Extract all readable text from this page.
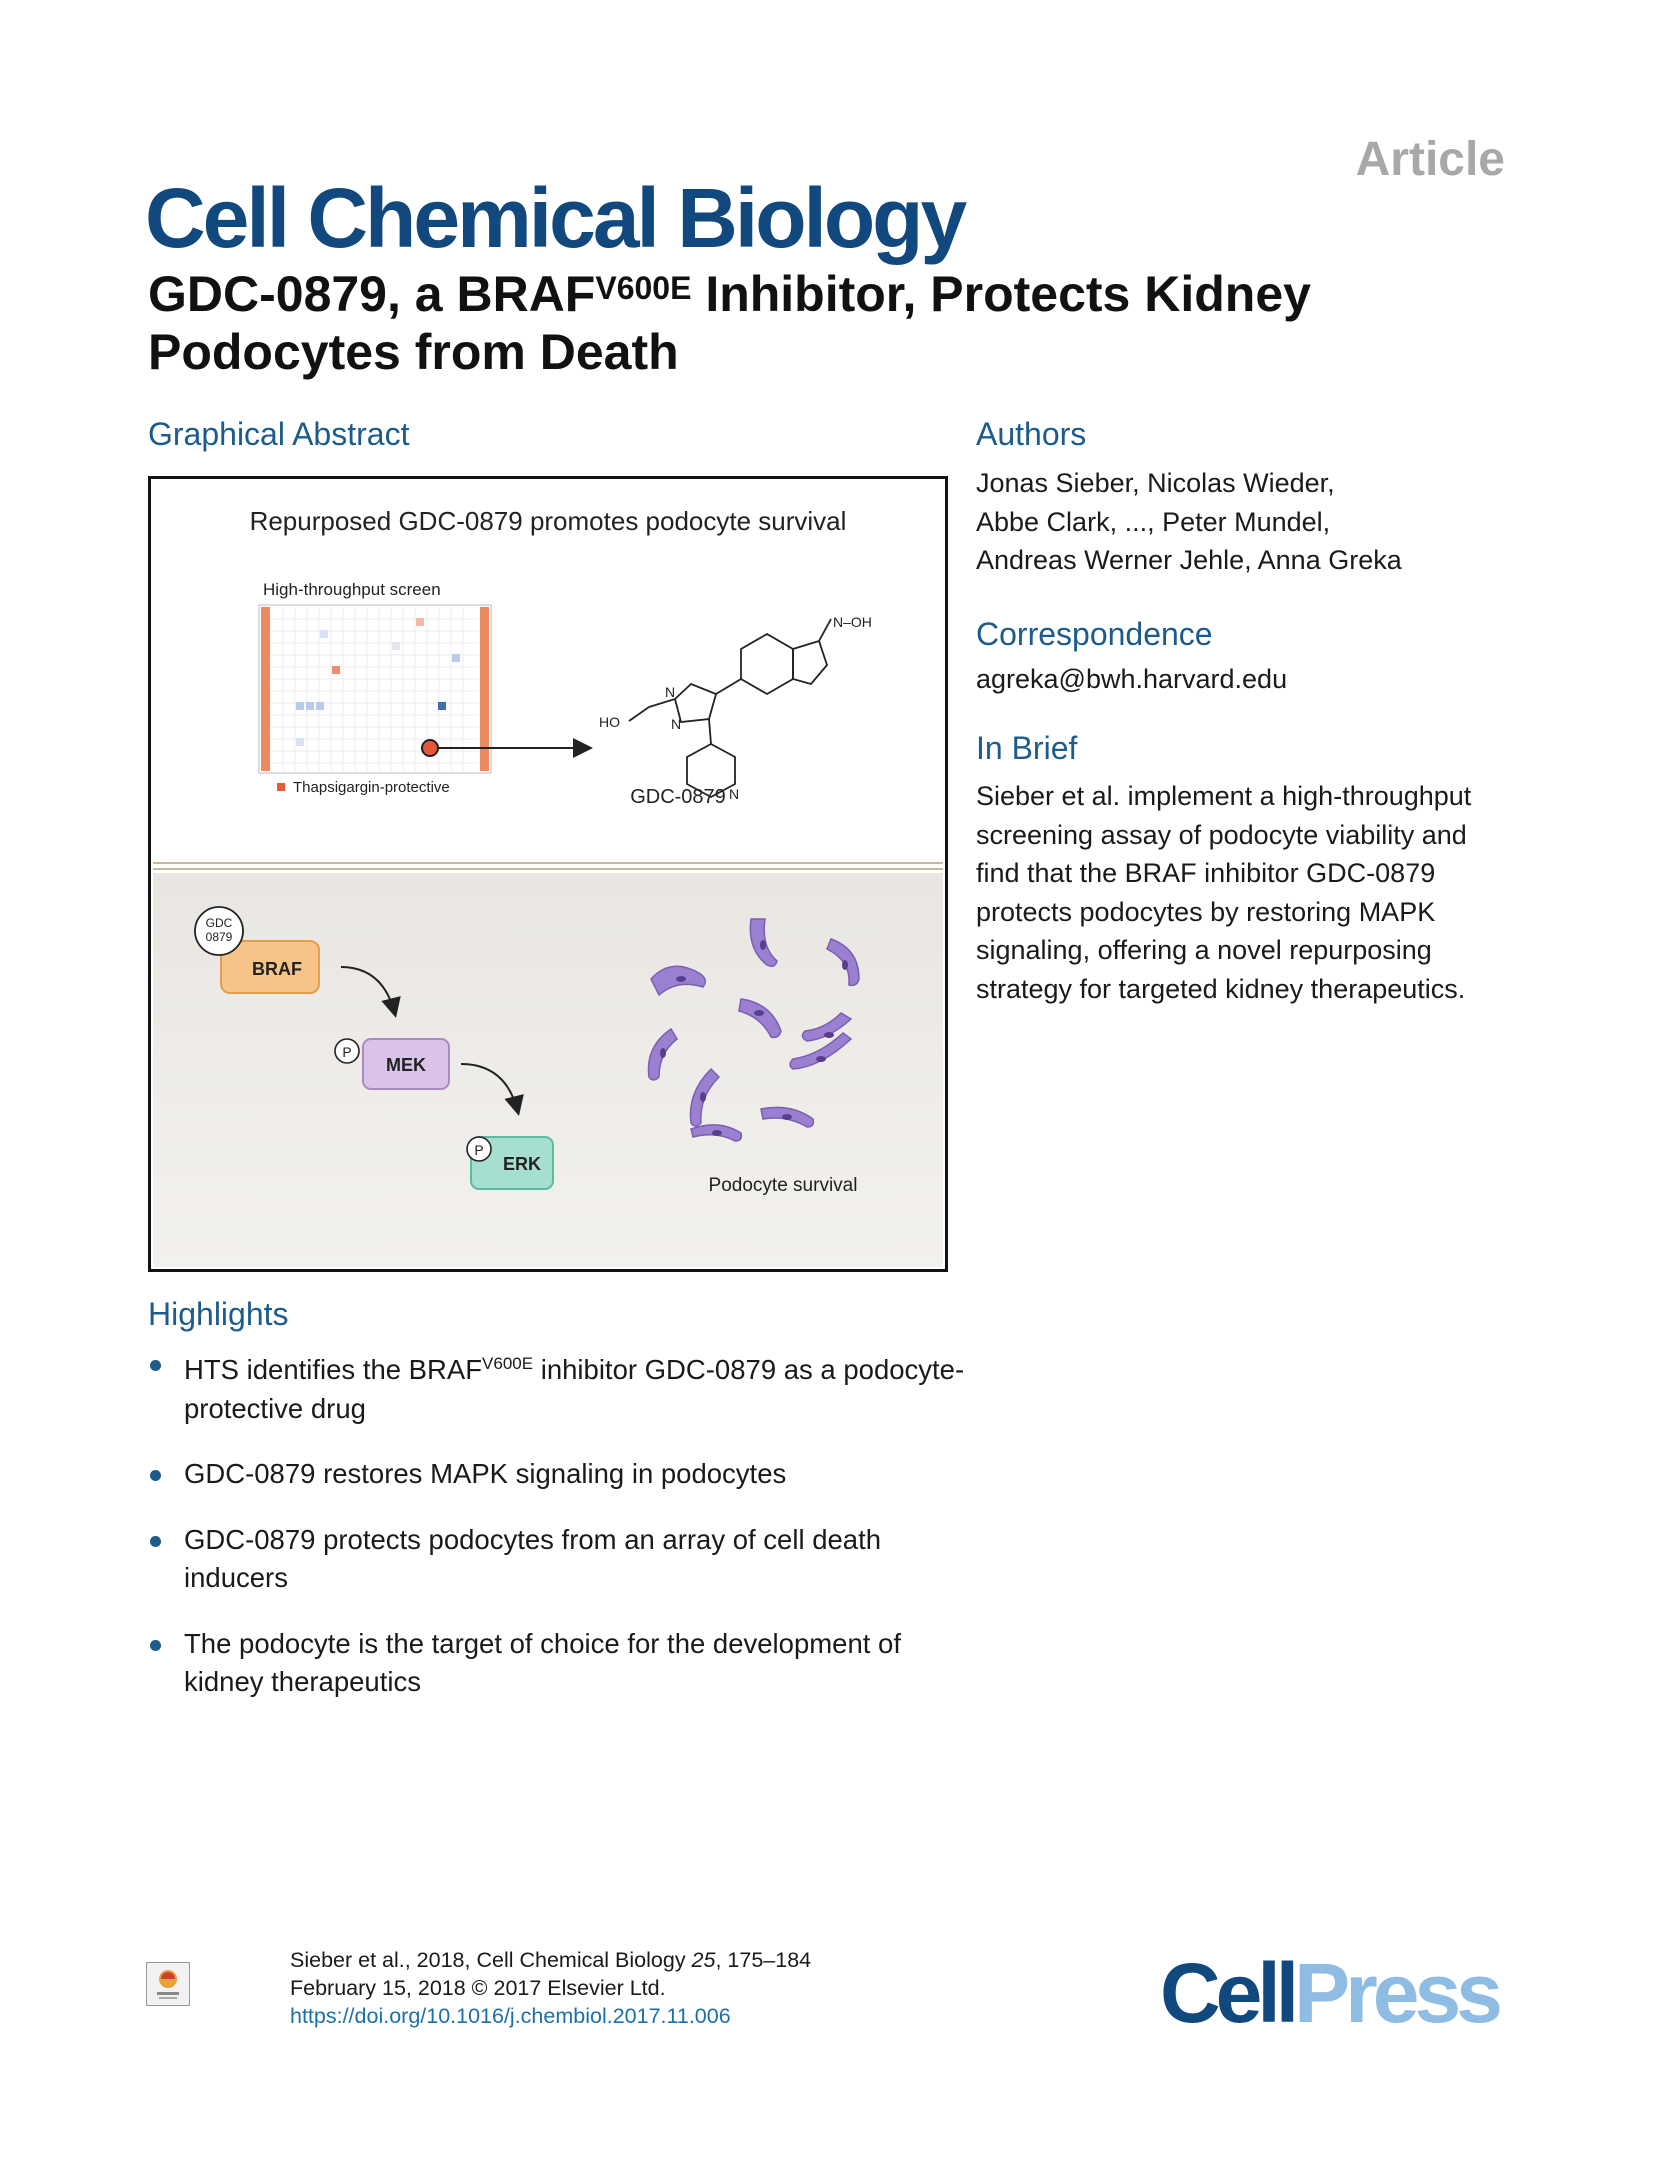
Article
Cell Chemical Biology
GDC-0879, a $BRAF^{V600E}$ Inhibitor, Protects Kidney Podocytes from Death
Graphical Abstract
Repurposed GDC-0879 promotes podocyte survival
High-throughput screen
Thapsigargin-protective
N–OH
HO
N
N
N
GDC-0879
GDC
0879
BRAF
P
MEK
P
ERK
Podocyte survival
Authors
Jonas Sieber, Nicolas Wieder,
Abbe Clark, ..., Peter Mundel,
Andreas Werner Jehle, Anna Greka
Correspondence
agreka@bwh.harvard.edu
In Brief
Sieber et al. implement a high-throughput
screening assay of podocyte viability and
find that the BRAF inhibitor GDC-0879
protects podocytes by restoring MAPK
signaling, offering a novel repurposing
strategy for targeted kidney therapeutics.
Highlights
HTS identifies the $BRAF^{V600E}$ inhibitor GDC-0879 as a podocyte-protective drug
GDC-0879 restores MAPK signaling in podocytes
GDC-0879 protects podocytes from an array of cell death inducers
The podocyte is the target of choice for the development of kidney therapeutics
Sieber et al., 2018, Cell Chemical Biology 25, 175–184
February 15, 2018 © 2017 Elsevier Ltd.
https://doi.org/10.1016/j.chembiol.2017.11.006	CellPress
